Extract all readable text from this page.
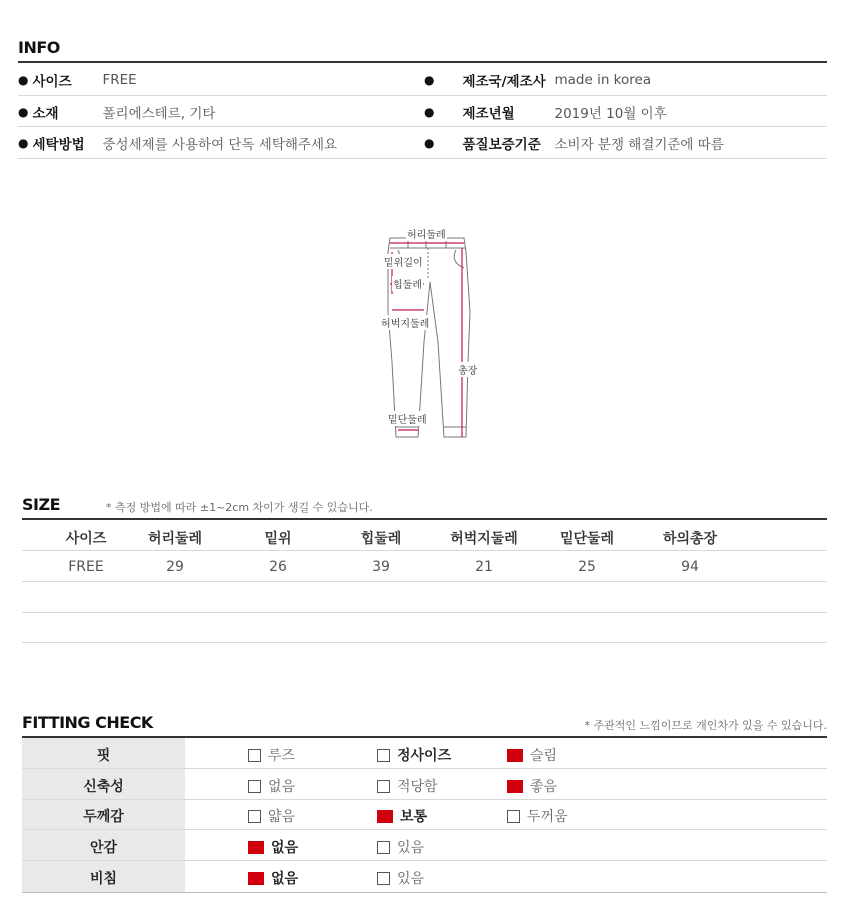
INFO
● 사이즈	FREE
● 소재	폴리에스테르, 기타
● 세탁방법	중성세제를 사용하여 단독 세탁해주세요
● 제조국/제조사 made in korea
● 제조년월	2019년 10월 이후
● 품질보증기준	소비자 분쟁 해결기준에 따름
허리둘레
밑위길이
힙둘레
허벅지둘레
총장
밑단둘레
SIZE	* 측정 방법에 따라 ±1~2cm 차이가 생길 수 있습니다.
사이즈	허리둘레	밑위	힙둘레	허벅지둘레	밑단둘레	하의총장
FREE	29	26	39	21	25	94
FITTING CHECK	* 주관적인 느낌이므로 개인차가 있을 수 있습니다.
핏	루즈	정사이즈	슬림
신축성	없음	적당함	좋음
두께감	얇음	보통	두꺼움
안감	없음	있음
비침	없음	있음
